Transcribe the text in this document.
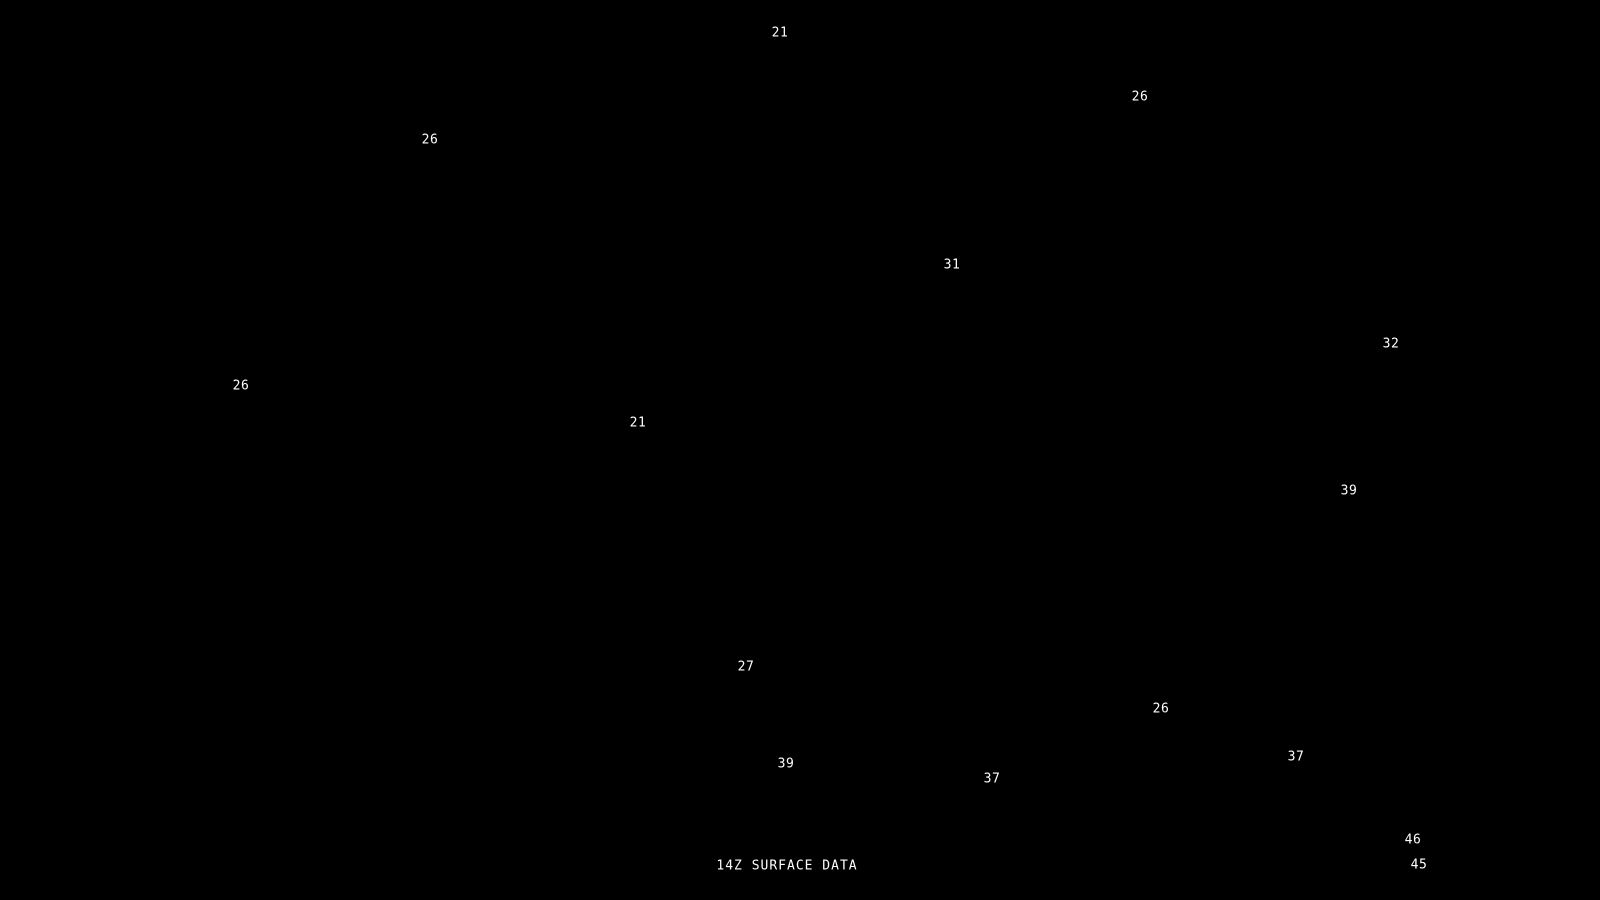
21
26
26
31
32
26
21
39
27
26
37
39
37
46
45
14Z SURFACE DATA
